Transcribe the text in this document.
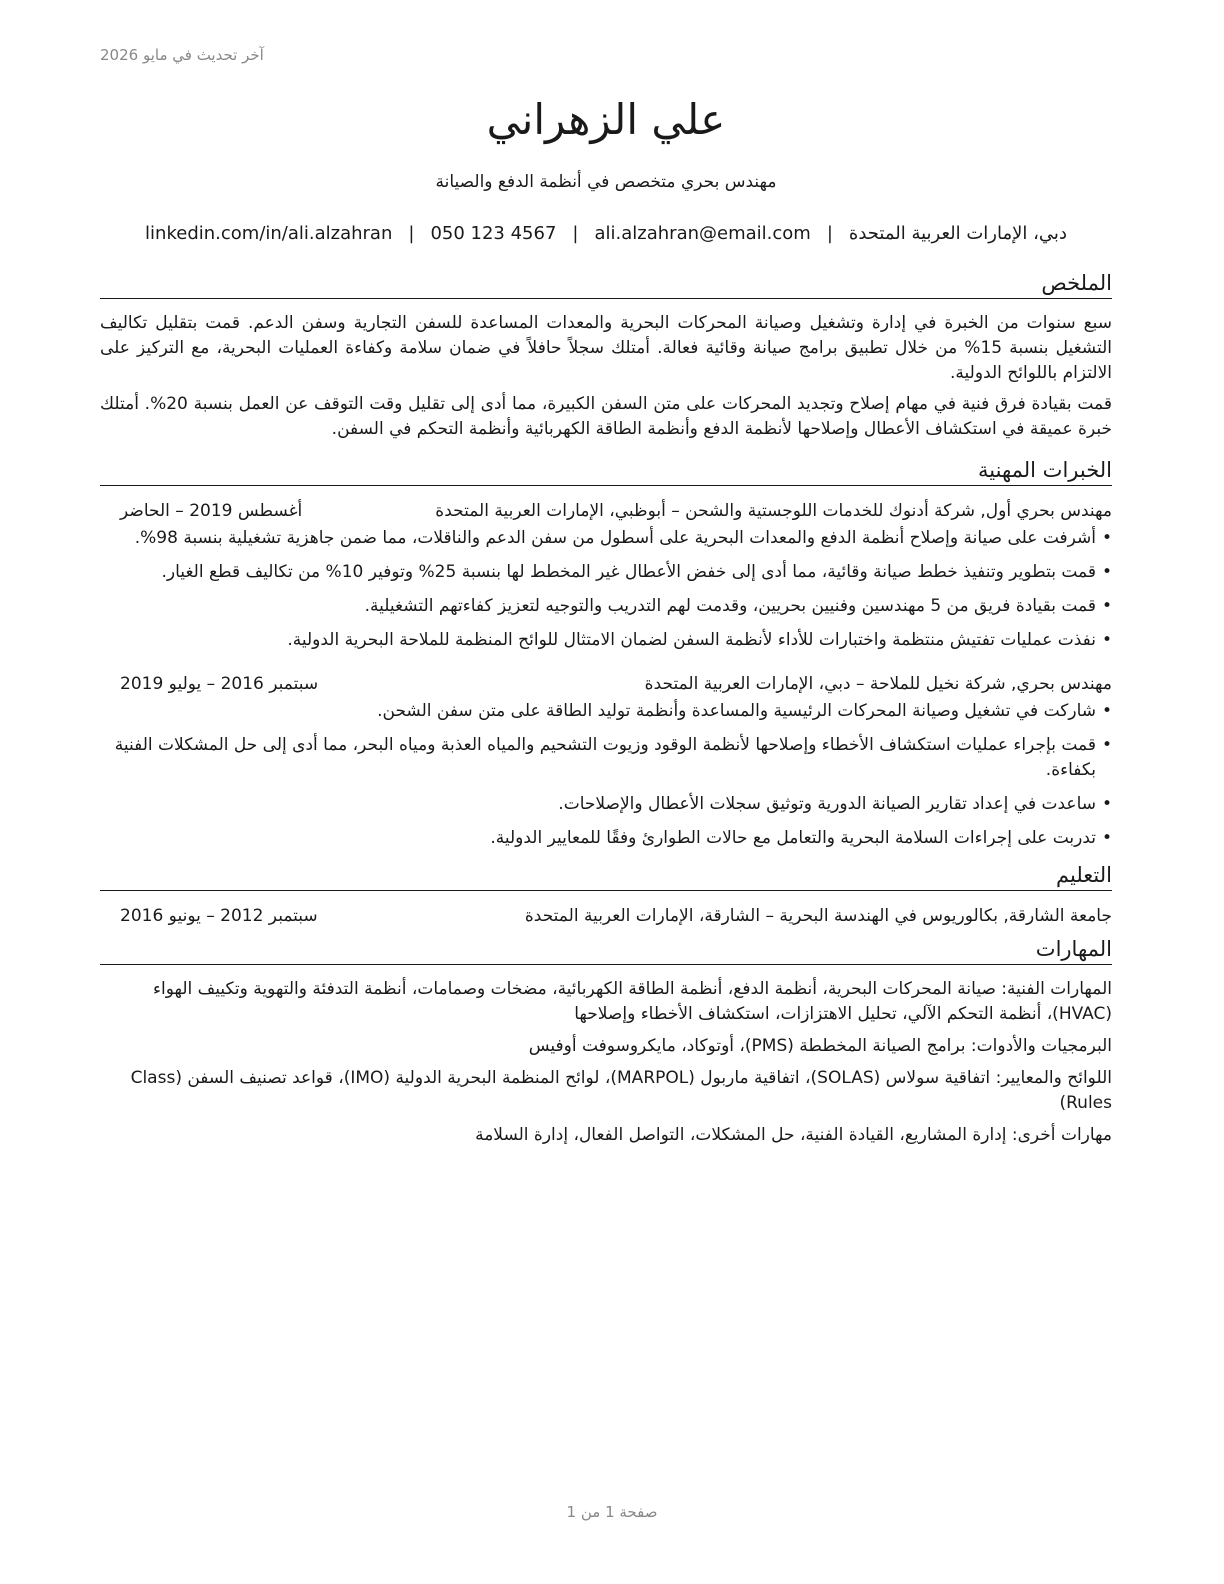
آخر تحديث في مايو 2026
علي الزهراني
مهندس بحري متخصص في أنظمة الدفع والصيانة
دبي، الإمارات العربية المتحدة
|
ali.alzahran@email.com
|
050 123 4567
|
linkedin.com/in/ali.alzahran
الملخص

سبع سنوات من الخبرة في إدارة وتشغيل وصيانة المحركات البحرية والمعدات المساعدة للسفن التجارية وسفن الدعم. قمت بتقليل تكاليف التشغيل بنسبة 15% من خلال تطبيق برامج صيانة وقائية فعالة. أمتلك سجلاً حافلاً في ضمان سلامة وكفاءة العمليات البحرية، مع التركيز على الالتزام باللوائح الدولية.

قمت بقيادة فرق فنية في مهام إصلاح وتجديد المحركات على متن السفن الكبيرة، مما أدى إلى تقليل وقت التوقف عن العمل بنسبة 20%. أمتلك خبرة عميقة في استكشاف الأعطال وإصلاحها لأنظمة الدفع وأنظمة الطاقة الكهربائية وأنظمة التحكم في السفن.

الخبرات المهنية
مهندس بحري أول, شركة أدنوك للخدمات اللوجستية والشحن – أبوظبي، الإمارات العربية المتحدة
أغسطس 2019 – الحاضر
• أشرفت على صيانة وإصلاح أنظمة الدفع والمعدات البحرية على أسطول من سفن الدعم والناقلات، مما ضمن جاهزية تشغيلية بنسبة 98%.
• قمت بتطوير وتنفيذ خطط صيانة وقائية، مما أدى إلى خفض الأعطال غير المخطط لها بنسبة 25% وتوفير 10% من تكاليف قطع الغيار.
• قمت بقيادة فريق من 5 مهندسين وفنيين بحريين، وقدمت لهم التدريب والتوجيه لتعزيز كفاءتهم التشغيلية.
• نفذت عمليات تفتيش منتظمة واختبارات للأداء لأنظمة السفن لضمان الامتثال للوائح المنظمة للملاحة البحرية الدولية.
مهندس بحري, شركة نخيل للملاحة – دبي، الإمارات العربية المتحدة
سبتمبر 2016 – يوليو 2019
• شاركت في تشغيل وصيانة المحركات الرئيسية والمساعدة وأنظمة توليد الطاقة على متن سفن الشحن.
• قمت بإجراء عمليات استكشاف الأخطاء وإصلاحها لأنظمة الوقود وزيوت التشحيم والمياه العذبة ومياه البحر، مما أدى إلى حل المشكلات الفنية بكفاءة.
• ساعدت في إعداد تقارير الصيانة الدورية وتوثيق سجلات الأعطال والإصلاحات.
• تدربت على إجراءات السلامة البحرية والتعامل مع حالات الطوارئ وفقًا للمعايير الدولية.
التعليم
جامعة الشارقة, بكالوريوس في الهندسة البحرية – الشارقة، الإمارات العربية المتحدة
سبتمبر 2012 – يونيو 2016
المهارات

المهارات الفنية: صيانة المحركات البحرية، أنظمة الدفع، أنظمة الطاقة الكهربائية، مضخات وصمامات، أنظمة التدفئة والتهوية وتكييف الهواء (HVAC)، أنظمة التحكم الآلي، تحليل الاهتزازات، استكشاف الأخطاء وإصلاحها

البرمجيات والأدوات: برامج الصيانة المخططة (PMS)، أوتوكاد، مايكروسوفت أوفيس

اللوائح والمعايير: اتفاقية سولاس (SOLAS)، اتفاقية ماربول (MARPOL)، لوائح المنظمة البحرية الدولية (IMO)، قواعد تصنيف السفن (Class Rules)

مهارات أخرى: إدارة المشاريع، القيادة الفنية، حل المشكلات، التواصل الفعال، إدارة السلامة

صفحة 1 من 1
